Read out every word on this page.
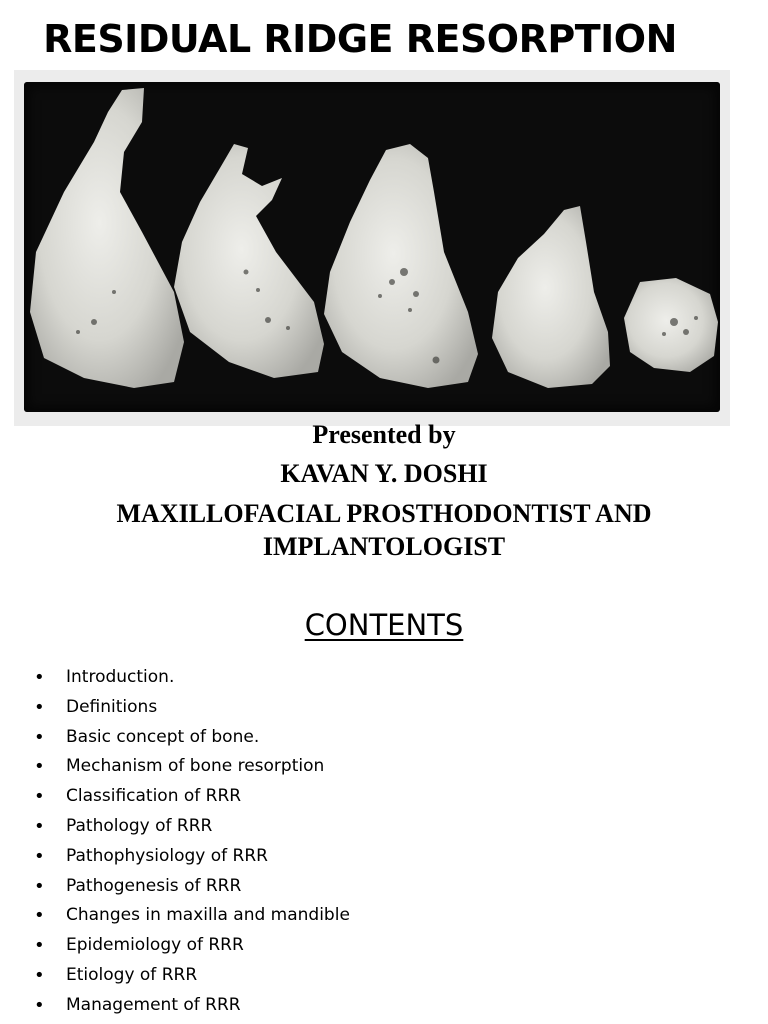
RESIDUAL RIDGE RESORPTION
Presented by
KAVAN Y. DOSHI
MAXILLOFACIAL PROSTHODONTIST AND IMPLANTOLOGIST
CONTENTS
• Introduction.
• Definitions
• Basic concept of bone.
• Mechanism of bone resorption
• Classification of RRR
• Pathology of RRR
• Pathophysiology of RRR
• Pathogenesis of RRR
• Changes in maxilla and mandible
• Epidemiology of RRR
• Etiology of RRR
• Management of RRR
